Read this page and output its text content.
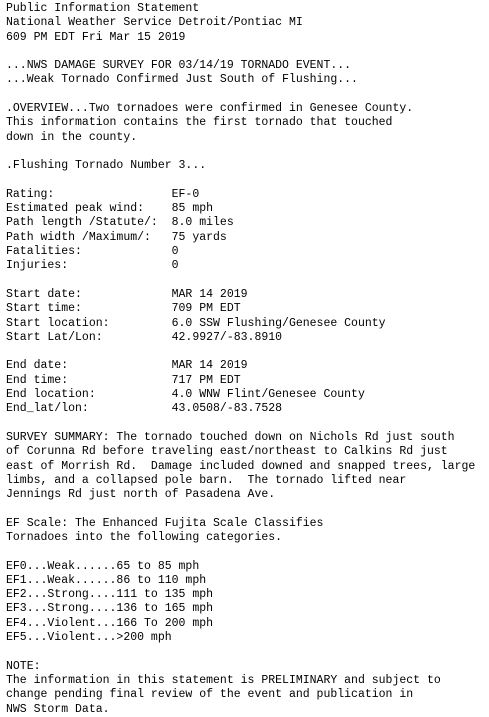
Public Information Statement
National Weather Service Detroit/Pontiac MI
609 PM EDT Fri Mar 15 2019
...NWS DAMAGE SURVEY FOR 03/14/19 TORNADO EVENT...
...Weak Tornado Confirmed Just South of Flushing...
.OVERVIEW...Two tornadoes were confirmed in Genesee County.
This information contains the first tornado that touched
down in the county.
.Flushing Tornado Number 3...
Rating:                 EF-0
Estimated peak wind:    85 mph
Path length /Statute/:  8.0 miles
Path width /Maximum/:   75 yards
Fatalities:             0
Injuries:               0
Start date:             MAR 14 2019
Start time:             709 PM EDT
Start location:         6.0 SSW Flushing/Genesee County
Start Lat/Lon:          42.9927/-83.8910
End date:               MAR 14 2019
End time:               717 PM EDT
End location:           4.0 WNW Flint/Genesee County
End_lat/lon:            43.0508/-83.7528
SURVEY SUMMARY: The tornado touched down on Nichols Rd just south
of Corunna Rd before traveling east/northeast to Calkins Rd just
east of Morrish Rd.  Damage included downed and snapped trees, large
limbs, and a collapsed pole barn.  The tornado lifted near
Jennings Rd just north of Pasadena Ave.
EF Scale: The Enhanced Fujita Scale Classifies
Tornadoes into the following categories.
EF0...Weak......65 to 85 mph
EF1...Weak......86 to 110 mph
EF2...Strong....111 to 135 mph
EF3...Strong....136 to 165 mph
EF4...Violent...166 To 200 mph
EF5...Violent...>200 mph
NOTE:
The information in this statement is PRELIMINARY and subject to
change pending final review of the event and publication in
NWS Storm Data.
